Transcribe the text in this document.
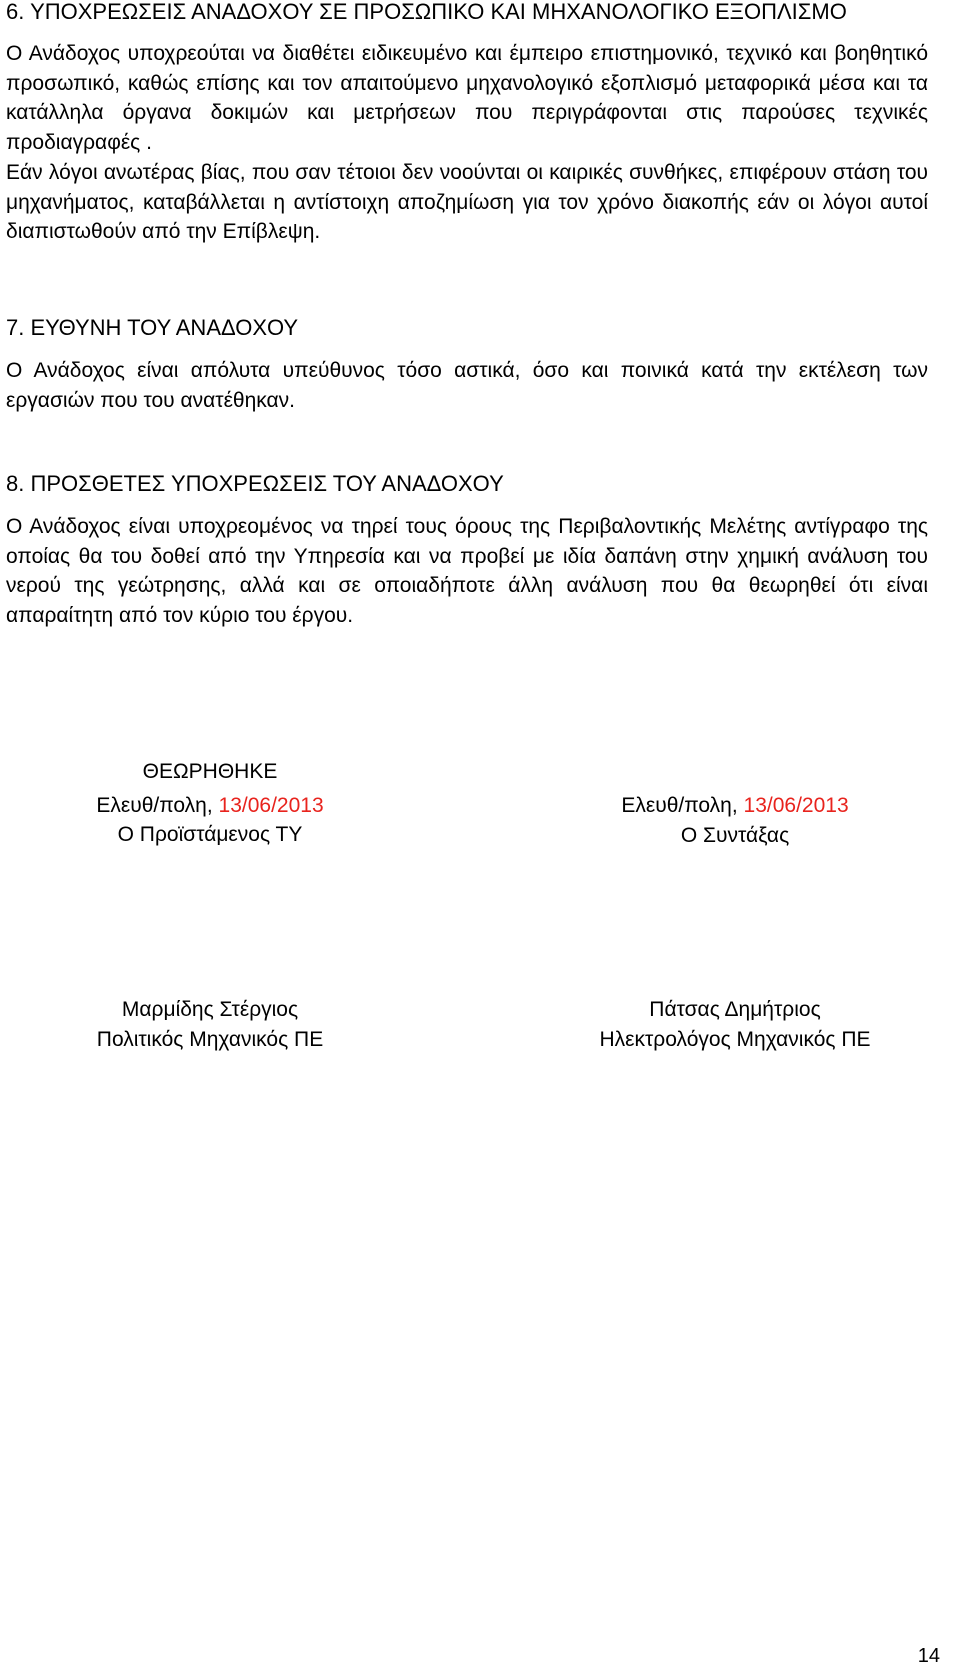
6. ΥΠΟΧΡΕΩΣΕΙΣ ΑΝΑΔΟΧΟΥ ΣΕ ΠΡΟΣΩΠΙΚΟ ΚΑΙ ΜΗΧΑΝΟΛΟΓΙΚΟ ΕΞΟΠΛΙΣΜΟ

Ο Ανάδοχος υποχρεούται να διαθέτει ειδικευμένο και έμπειρο επιστημονικό, τεχνικό και βοηθητικό προσωπικό, καθώς επίσης και τον απαιτούμενο μηχανολογικό εξοπλισμό μεταφορικά μέσα και τα κατάλληλα όργανα δοκιμών και μετρήσεων που περιγράφονται στις παρούσες τεχνικές προδιαγραφές .

Εάν λόγοι ανωτέρας βίας, που σαν τέτοιοι δεν νοούνται οι καιρικές συνθήκες, επιφέρουν στάση του μηχανήματος, καταβάλλεται η αντίστοιχη αποζημίωση για τον χρόνο διακοπής εάν οι λόγοι αυτοί διαπιστωθούν από την Επίβλεψη.

7. ΕΥΘΥΝΗ ΤΟΥ ΑΝΑΔΟΧΟΥ

Ο Ανάδοχος είναι απόλυτα υπεύθυνος τόσο αστικά, όσο και ποινικά κατά την εκτέλεση των εργασιών που του ανατέθηκαν.

8. ΠΡΟΣΘΕΤΕΣ ΥΠΟΧΡΕΩΣΕΙΣ ΤΟΥ ΑΝΑΔΟΧΟΥ

Ο Ανάδοχος είναι υποχρεομένος να τηρεί τους όρους της Περιβαλοντικής Μελέτης αντίγραφο της οποίας θα του δοθεί από την Υπηρεσία και να προβεί με ιδία δαπάνη στην χημική ανάλυση του νερού της γεώτρησης, αλλά και σε οποιαδήποτε άλλη ανάλυση που θα θεωρηθεί ότι είναι απαραίτητη από τον κύριο του έργου.

ΘΕΩΡΗΘΗΚΕ
Ελευθ/πολη, 13/06/2013
Ο Προϊστάμενος ΤΥ
Ελευθ/πολη, 13/06/2013
Ο Συντάξας
Μαρμίδης Στέργιος
Πολιτικός Μηχανικός ΠΕ
Πάτσας Δημήτριος
Ηλεκτρολόγος Μηχανικός ΠΕ
14
